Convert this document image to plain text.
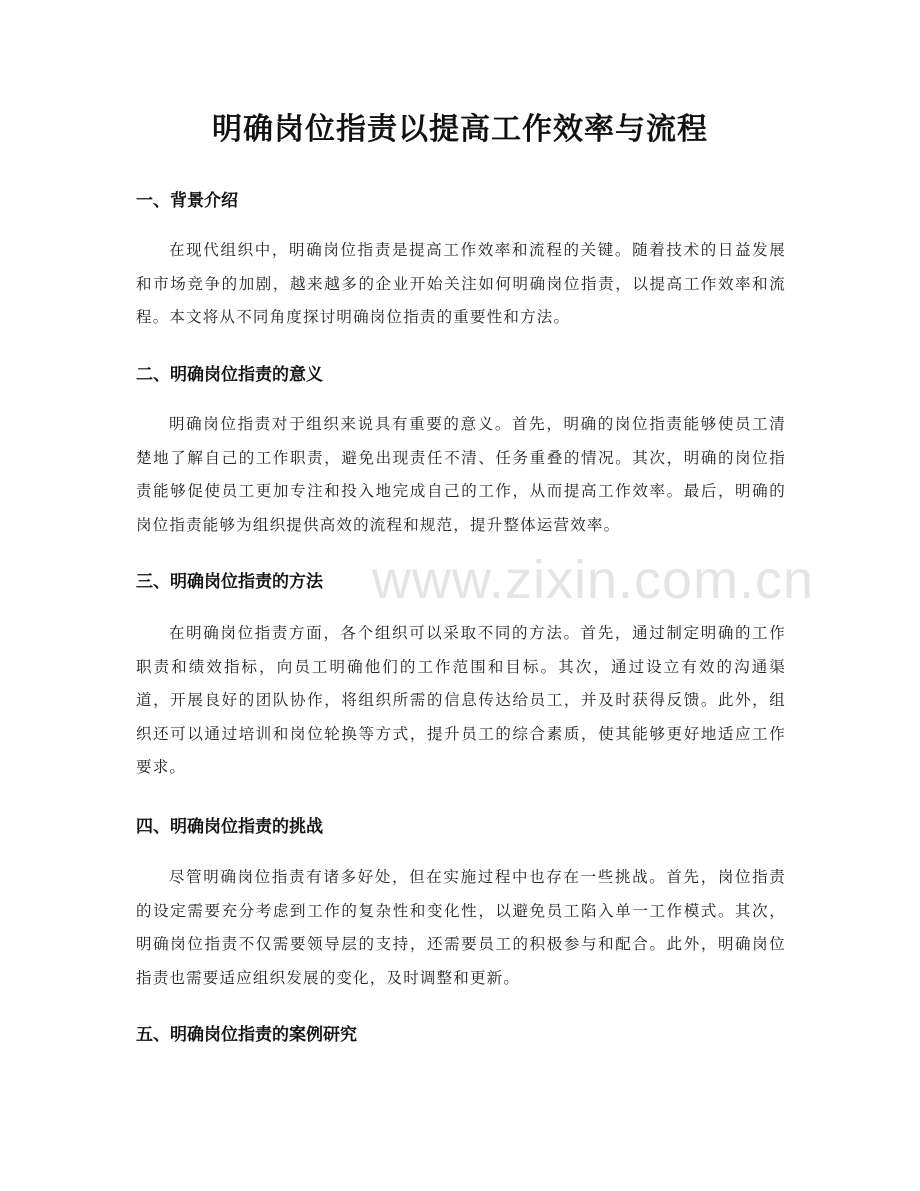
www.zixin.com.cn
明确岗位指责以提高工作效率与流程
一、背景介绍
在现代组织中，明确岗位指责是提高工作效率和流程的关键。随着技术的日益发展和市场竞争的加剧，越来越多的企业开始关注如何明确岗位指责，以提高工作效率和流程。本文将从不同角度探讨明确岗位指责的重要性和方法。
二、明确岗位指责的意义
明确岗位指责对于组织来说具有重要的意义。首先，明确的岗位指责能够使员工清楚地了解自己的工作职责，避免出现责任不清、任务重叠的情况。其次，明确的岗位指责能够促使员工更加专注和投入地完成自己的工作，从而提高工作效率。最后，明确的岗位指责能够为组织提供高效的流程和规范，提升整体运营效率。
三、明确岗位指责的方法
在明确岗位指责方面，各个组织可以采取不同的方法。首先，通过制定明确的工作职责和绩效指标，向员工明确他们的工作范围和目标。其次，通过设立有效的沟通渠道，开展良好的团队协作，将组织所需的信息传达给员工，并及时获得反馈。此外，组织还可以通过培训和岗位轮换等方式，提升员工的综合素质，使其能够更好地适应工作要求。
四、明确岗位指责的挑战
尽管明确岗位指责有诸多好处，但在实施过程中也存在一些挑战。首先，岗位指责的设定需要充分考虑到工作的复杂性和变化性，以避免员工陷入单一工作模式。其次，明确岗位指责不仅需要领导层的支持，还需要员工的积极参与和配合。此外，明确岗位指责也需要适应组织发展的变化，及时调整和更新。
五、明确岗位指责的案例研究
